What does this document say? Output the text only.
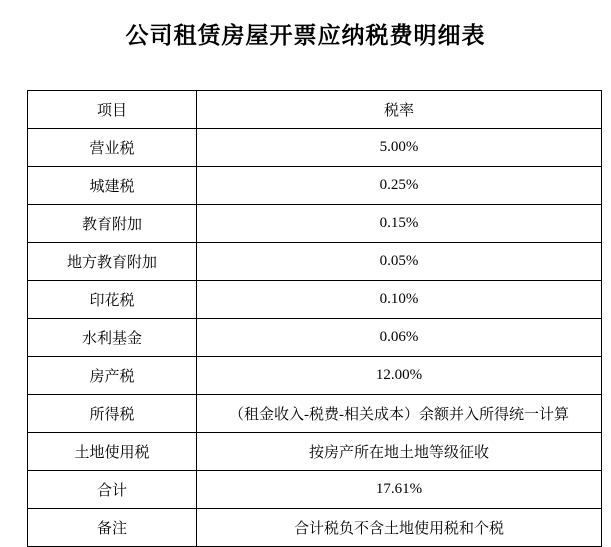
公司租赁房屋开票应纳税费明细表
项目	税率
营业税	5.00%
城建税	0.25%
教育附加	0.15%
地方教育附加	0.05%
印花税	0.10%
水利基金	0.06%
房产税	12.00%
所得税	（租金收入-税费-相关成本）余额并入所得统一计算
土地使用税	按房产所在地土地等级征收
合计	17.61%
备注	合计税负不含土地使用税和个税
